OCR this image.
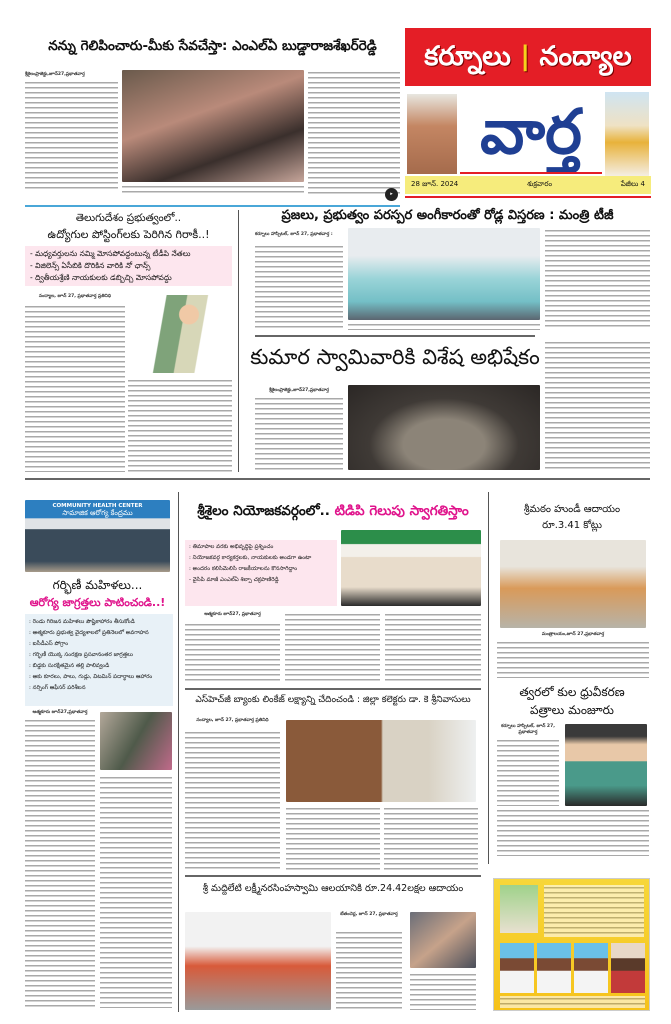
నన్ను గెలిపించారు-మీకు సేవచేస్తా: ఎంఎల్‌ఏ బుడ్డారాజశేఖర్‌రెడ్డి
శ్రీశైలంప్రాజెక్టు,జూన్27,ప్రభాతవార్త
▸
కర్నూలు | నంద్యాల
వార్త
28 జూన్. 2024	శుక్రవారం	పేజీలు 4
తెలుగుదేశం ప్రభుత్వంలో..
ఉద్యోగుల పోస్టింగ్‌లకు పెరిగిన గిరాకీ..!
- మధ్యవర్తులను నమ్మి మోసపోవద్దంటున్న టీడీపి నేతలు
- విజిలెన్స్ ఏసీబికి దొరికిన వారికి నో ఛాన్స్
- ద్వితీయశ్రేణి నాయకులకు డబ్బిచ్చి మోసపోవద్దు
నంద్యాల, జూన్ 27, ప్రభాతవార్త ప్రతినిధి
ప్రజలు, ప్రభుత్వం పరస్పర అంగీకారంతో రోడ్ల విస్తరణ : మంత్రి టీజీ
కర్నూలు హాస్పిటల్, జూన్ 27, ప్రభాతవార్త :
కుమార స్వామివారికి విశేష అభిషేకం
శ్రీశైలంప్రాజెక్టు,జూన్27,ప్రభాతవార్త
COMMUNITY HEALTH CENTER
సామాజిక ఆరోగ్య కేంద్రము
గర్భిణీ మహిళలు...
ఆరోగ్య జాగ్రత్తలు పాటించండి..!
: రెండు గిరిజన మహిళలు పౌష్టికాహారం తీసుకోండి
: ఆత్మకూరు ప్రభుత్వ వైద్యశాలలో ప్రతినెలలో అవగాహన
: ఐసీడీఎస్ పోగ్రాం
: గర్భిణీ యొక్క సంరక్షణ ప్రసవానంతర జాగ్రత్తలు
: బిడ్డకు సురక్షితమైన తల్లి పాలివ్వండి
: ఆకు కూరలు, పాలు, గుడ్లు, విటమిన్ పదార్థాలు ఆహారం
: నర్సింగ్ ఆఫీసర్ పరిశీలన
ఆత్మకూరు జూన్27,ప్రభాతవార్త
శ్రీశైలం నియోజకవర్గంలో.. టిడిపి గెలుపు స్వాగతిస్తాం
: తిమాపాల వరకు అభివృద్ధిపై ప్రశ్నించం
: నియోజకవర్గ కార్యకర్తలకు, నాయకులకు అండగా ఉంటా
: అందరం కలిసిమెలిసి రాజకీయాలను కొనసాగిద్దాం
- వైసిపి మాజీ ఎంఎల్‌ఏ శిల్పా చక్రపాణిరెడ్డి
ఆత్మకూరు జూన్27, ప్రభాతవార్త
ఎస్‌హెచ్‌జీ బ్యాంకు లింకేజ్ లక్ష్యాన్ని చేదించండి : జిల్లా కలెక్టరు డా. కె శ్రీనివాసులు
నంద్యాల, జూన్ 27, ప్రభాతవార్త ప్రతినిధి
శ్రీ మద్దిలేటి లక్ష్మీనరసింహస్వామి ఆలయానికి రూ.24.42లక్షల ఆదాయం
బేతంచెర్ల, జూన్ 27, ప్రభాతవార్త
శ్రీమఠం హుండీ ఆదాయం
రూ.3.41 కోట్లు
మంత్రాలయం,జూన్ 27,ప్రభాతవార్త
త్వరలో కుల ధ్రువీకరణ
పత్రాలు మంజూరు
కర్నూలు హాస్పిటల్, జూన్ 27, ప్రభాతవార్త
